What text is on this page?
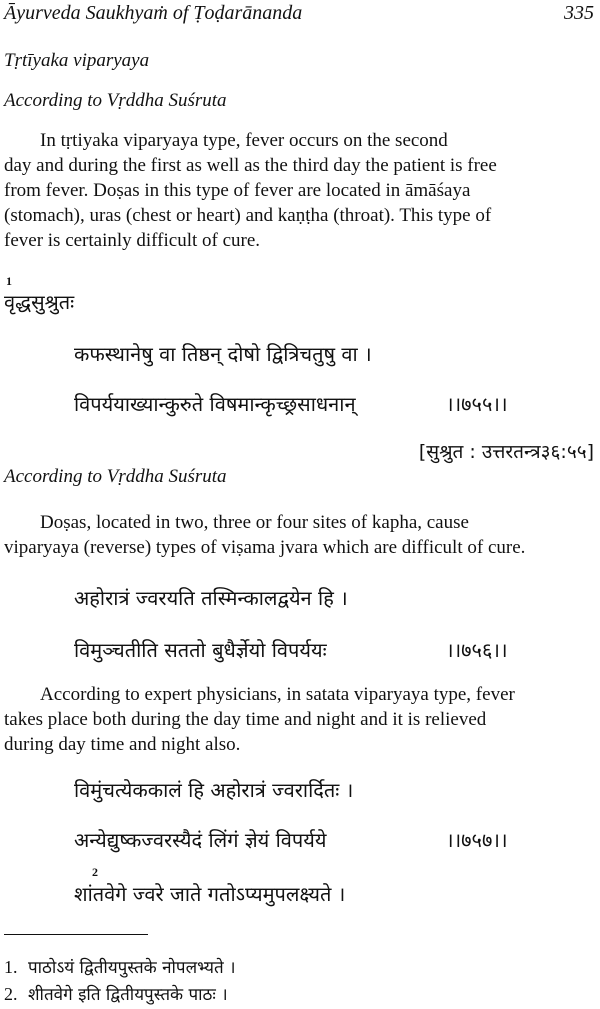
Āyurveda Saukhyaṁ of Ṭoḍarānanda	335
Tṛtīyaka viparyaya
According to Vṛddha Suśruta
In tṛtiyaka viparyaya type, fever occurs on the second
day and during the first as well as the third day the patient is free
from fever. Doṣas in this type of fever are located in āmāśaya
(stomach), uras (chest or heart) and kaṇṭha (throat). This type of
fever is certainly difficult of cure.
1
वृद्धसुश्रुतः
कफस्थानेषु वा तिष्ठन् दोषो द्वित्रिचतुषु वा ।
विपर्ययाख्यान्कुरुते विषमान्कृच्छ्रसाधनान्	।।७५५।।
[सुश्रुत : उत्तरतन्त्र३६:५५]
According to Vṛddha Suśruta
Doṣas, located in two, three or four sites of kapha, cause
viparyaya (reverse) types of viṣama jvara which are difficult of cure.
अहोरात्रं ज्वरयति तस्मिन्कालद्वयेन हि ।
विमुञ्चतीति सततो बुधैर्ज्ञेयो विपर्ययः	।।७५६।।
According to expert physicians, in satata viparyaya type, fever
takes place both during the day time and night and it is relieved
during day time and night also.
विमुंचत्येककालं हि अहोरात्रं ज्वरार्दितः ।
अन्येद्युष्कज्वरस्यैदं लिंगं ज्ञेयं विपर्यये	।।७५७।।
2
शांतवेगे ज्वरे जाते गतोऽप्यमुपलक्ष्यते ।
1. पाठोऽयं द्वितीयपुस्तके नोपलभ्यते ।
2. शीतवेगे इति द्वितीयपुस्तके पाठः ।
